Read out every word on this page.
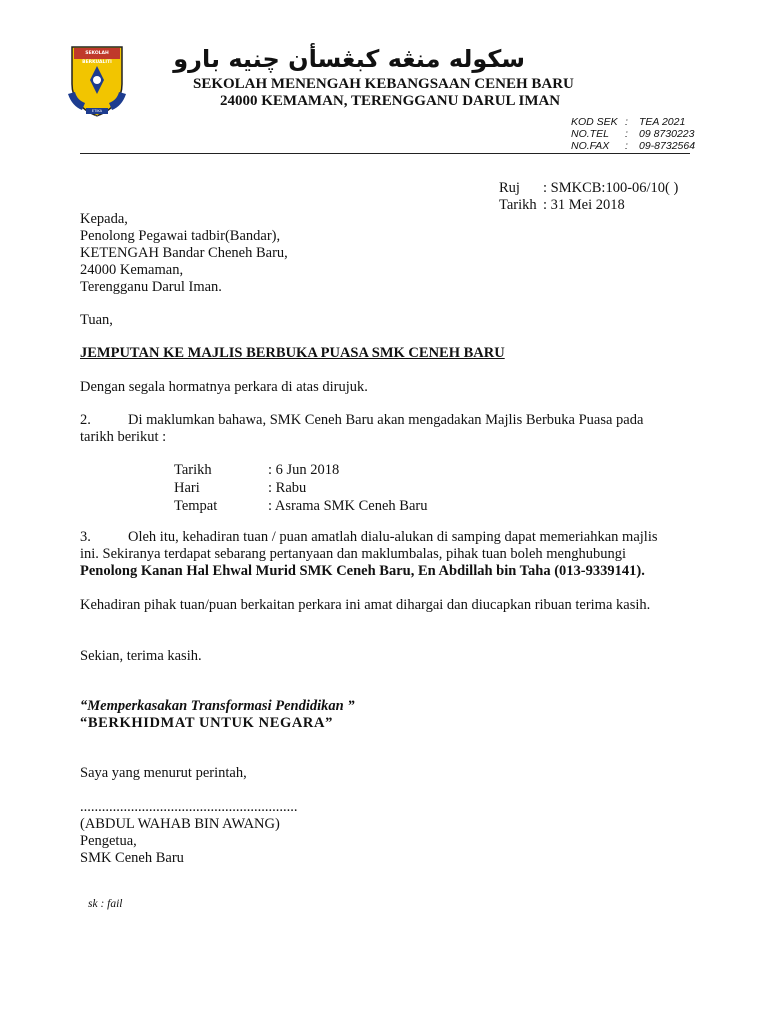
SEKOLAH BERKUALITI
ETIKA SEMANGAT
سکوله منڠه کبڠسأن چنيه بارو
SEKOLAH MENENGAH KEBANGSAAN CENEH BARU
24000 KEMAMAN, TERENGGANU DARUL IMAN
KOD SEK :	TEA 2021
NO.TEL	:	09 8730223
NO.FAX	:	09-8732564
Ruj	: SMKCB:100-06/10( )
Tarikh : 31 Mei 2018
Kepada,
Penolong Pegawai tadbir(Bandar),
KETENGAH Bandar Cheneh Baru,
24000 Kemaman,
Terengganu Darul Iman.
Tuan,
JEMPUTAN KE MAJLIS BERBUKA PUASA SMK CENEH BARU
Dengan segala hormatnya perkara di atas dirujuk.
2.	Di maklumkan bahawa, SMK Ceneh Baru akan mengadakan Majlis Berbuka Puasa pada
tarikh berikut :
Tarikh	: 6 Jun 2018
Hari	: Rabu
Tempat	: Asrama SMK Ceneh Baru
3.	Oleh itu, kehadiran tuan / puan amatlah dialu-alukan di samping dapat memeriahkan majlis
ini. Sekiranya terdapat sebarang pertanyaan dan maklumbalas, pihak tuan boleh menghubungi
Penolong Kanan Hal Ehwal Murid SMK Ceneh Baru, En Abdillah bin Taha (013-9339141).
Kehadiran pihak tuan/puan berkaitan perkara ini amat dihargai dan diucapkan ribuan terima kasih.
Sekian, terima kasih.
“Memperkasakan Transformasi Pendidikan ”
“BERKHIDMAT UNTUK NEGARA”
Saya yang menurut perintah,
............................................................
(ABDUL WAHAB BIN AWANG)
Pengetua,
SMK Ceneh Baru
sk : fail
